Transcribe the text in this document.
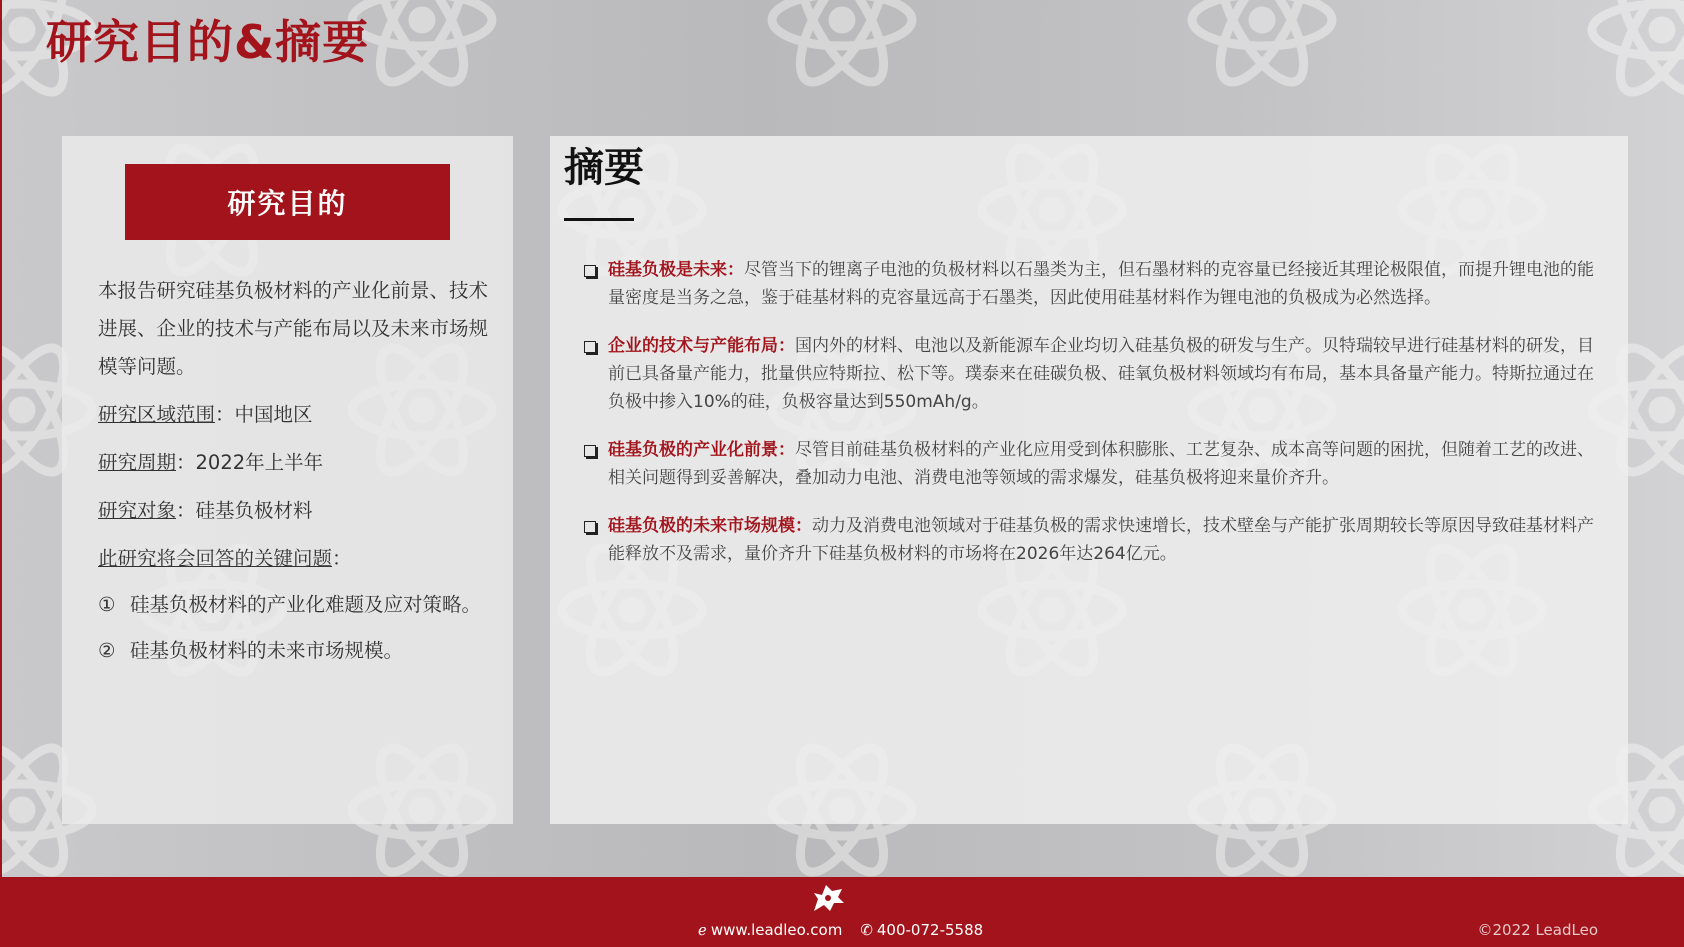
研究目的&摘要
研究目的
本报告研究硅基负极材料的产业化前景、技术进展、企业的技术与产能布局以及未来市场规模等问题。
研究区域范围：中国地区
研究周期：2022年上半年
研究对象：硅基负极材料
此研究将会回答的关键问题：
① 硅基负极材料的产业化难题及应对策略。
② 硅基负极材料的未来市场规模。
摘要
硅基负极是未来：尽管当下的锂离子电池的负极材料以石墨类为主，但石墨材料的克容量已经接近其理论极限值，而提升锂电池的能量密度是当务之急，鉴于硅基材料的克容量远高于石墨类，因此使用硅基材料作为锂电池的负极成为必然选择。
企业的技术与产能布局：国内外的材料、电池以及新能源车企业均切入硅基负极的研发与生产。贝特瑞较早进行硅基材料的研发，目前已具备量产能力，批量供应特斯拉、松下等。璞泰来在硅碳负极、硅氧负极材料领域均有布局，基本具备量产能力。特斯拉通过在负极中掺入10%的硅，负极容量达到550mAh/g。
硅基负极的产业化前景：尽管目前硅基负极材料的产业化应用受到体积膨胀、工艺复杂、成本高等问题的困扰，但随着工艺的改进、相关问题得到妥善解决，叠加动力电池、消费电池等领域的需求爆发，硅基负极将迎来量价齐升。
硅基负极的未来市场规模：动力及消费电池领域对于硅基负极的需求快速增长，技术壁垒与产能扩张周期较长等原因导致硅基材料产能释放不及需求，量价齐升下硅基负极材料的市场将在2026年达264亿元。
ℯ www.leadleo.com ✆ 400-072-5588	©2022 LeadLeo
